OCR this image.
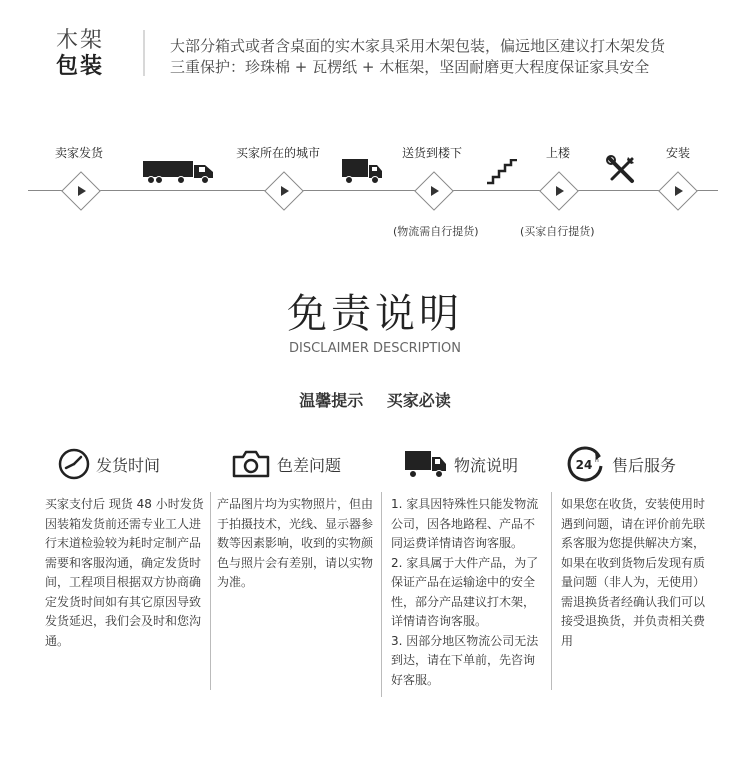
木架
包装
大部分箱式或者含桌面的实木家具采用木架包装，偏远地区建议打木架发货
三重保护：珍珠棉 + 瓦楞纸 + 木框架，坚固耐磨更大程度保证家具安全
卖家发货	买家所在的城市	送货到楼下	上楼	安装
(物流需自行提货)	(买家自行提货)
免责说明
DISCLAIMER DESCRIPTION
温馨提示 买家必读
发货时间
买家支付后 现货 48 小时发货 因装箱发货前还需专业工人进行末道检验较为耗时定制产品需要和客服沟通，确定发货时间，工程项目根据双方协商确定发货时间如有其它原因导致发货延迟，我们会及时和您沟通。
色差问题
产品图片均为实物照片，但由于拍摄技术，光线、显示器参数等因素影响，收到的实物颜色与照片会有差别，请以实物为准。
物流说明
1. 家具因特殊性只能发物流公司，因各地路程、产品不同运费详情请咨询客服。
2. 家具属于大件产品，为了保证产品在运输途中的安全性，部分产品建议打木架，详情请咨询客服。
3. 因部分地区物流公司无法到达，请在下单前，先咨询好客服。
24 h 售后服务
如果您在收货，安装使用时遇到问题，请在评价前先联系客服为您提供解决方案，如果在收到货物后发现有质量问题（非人为，无使用）需退换货者经确认我们可以接受退换货，并负责相关费用
